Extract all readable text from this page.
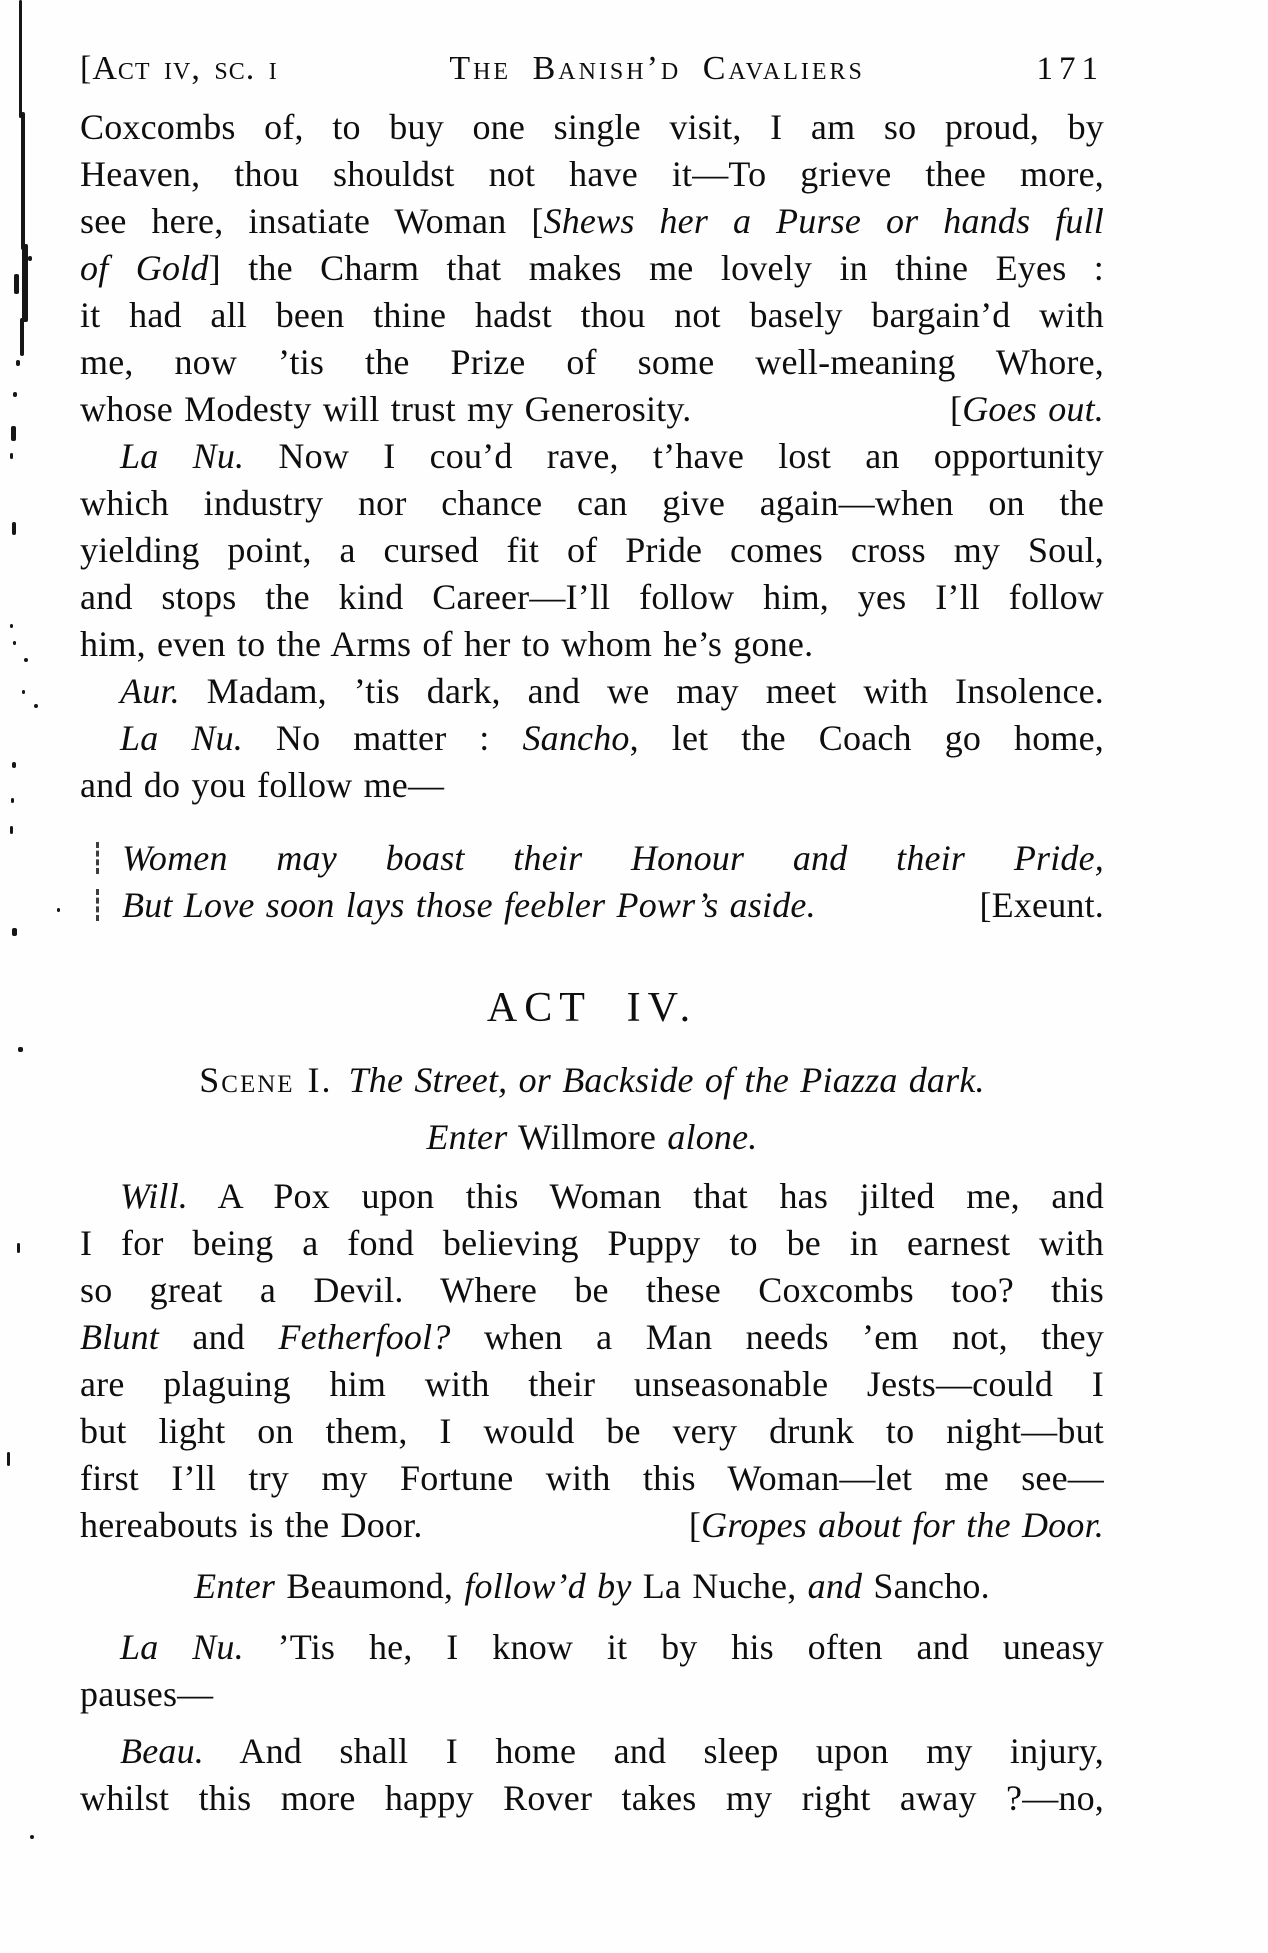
[Act iv, sc. i	The Banish’d Cavaliers	171
Coxcombs of, to buy one single visit, I am so proud, by
Heaven, thou shouldst not have it—To grieve thee more,
see here, insatiate Woman [Shews her a Purse or hands full
of Gold] the Charm that makes me lovely in thine Eyes :
it had all been thine hadst thou not basely bargain’d with
me, now ’tis the Prize of some well-meaning Whore,
whose Modesty will trust my Generosity.	[Goes out.
La Nu. Now I cou’d rave, t’have lost an opportunity
which industry nor chance can give again—when on the
yielding point, a cursed fit of Pride comes cross my Soul,
and stops the kind Career—I’ll follow him, yes I’ll follow
him, even to the Arms of her to whom he’s gone.
Aur. Madam, ’tis dark, and we may meet with Insolence.
La Nu. No matter : Sancho, let the Coach go home,
and do you follow me—
Women may boast their Honour and their Pride,
But Love soon lays those feebler Powr’s aside.	[Exeunt.
ACT IV.
Scene I. The Street, or Backside of the Piazza dark.
Enter Willmore alone.
Will. A Pox upon this Woman that has jilted me, and
I for being a fond believing Puppy to be in earnest with
so great a Devil. Where be these Coxcombs too? this
Blunt and Fetherfool? when a Man needs ’em not, they
are plaguing him with their unseasonable Jests—could I
but light on them, I would be very drunk to night—but
first I’ll try my Fortune with this Woman—let me see—
hereabouts is the Door.	[Gropes about for the Door.
Enter Beaumond, follow’d by La Nuche, and Sancho.
La Nu. ’Tis he, I know it by his often and uneasy
pauses—
Beau. And shall I home and sleep upon my injury,
whilst this more happy Rover takes my right away ?—no,
